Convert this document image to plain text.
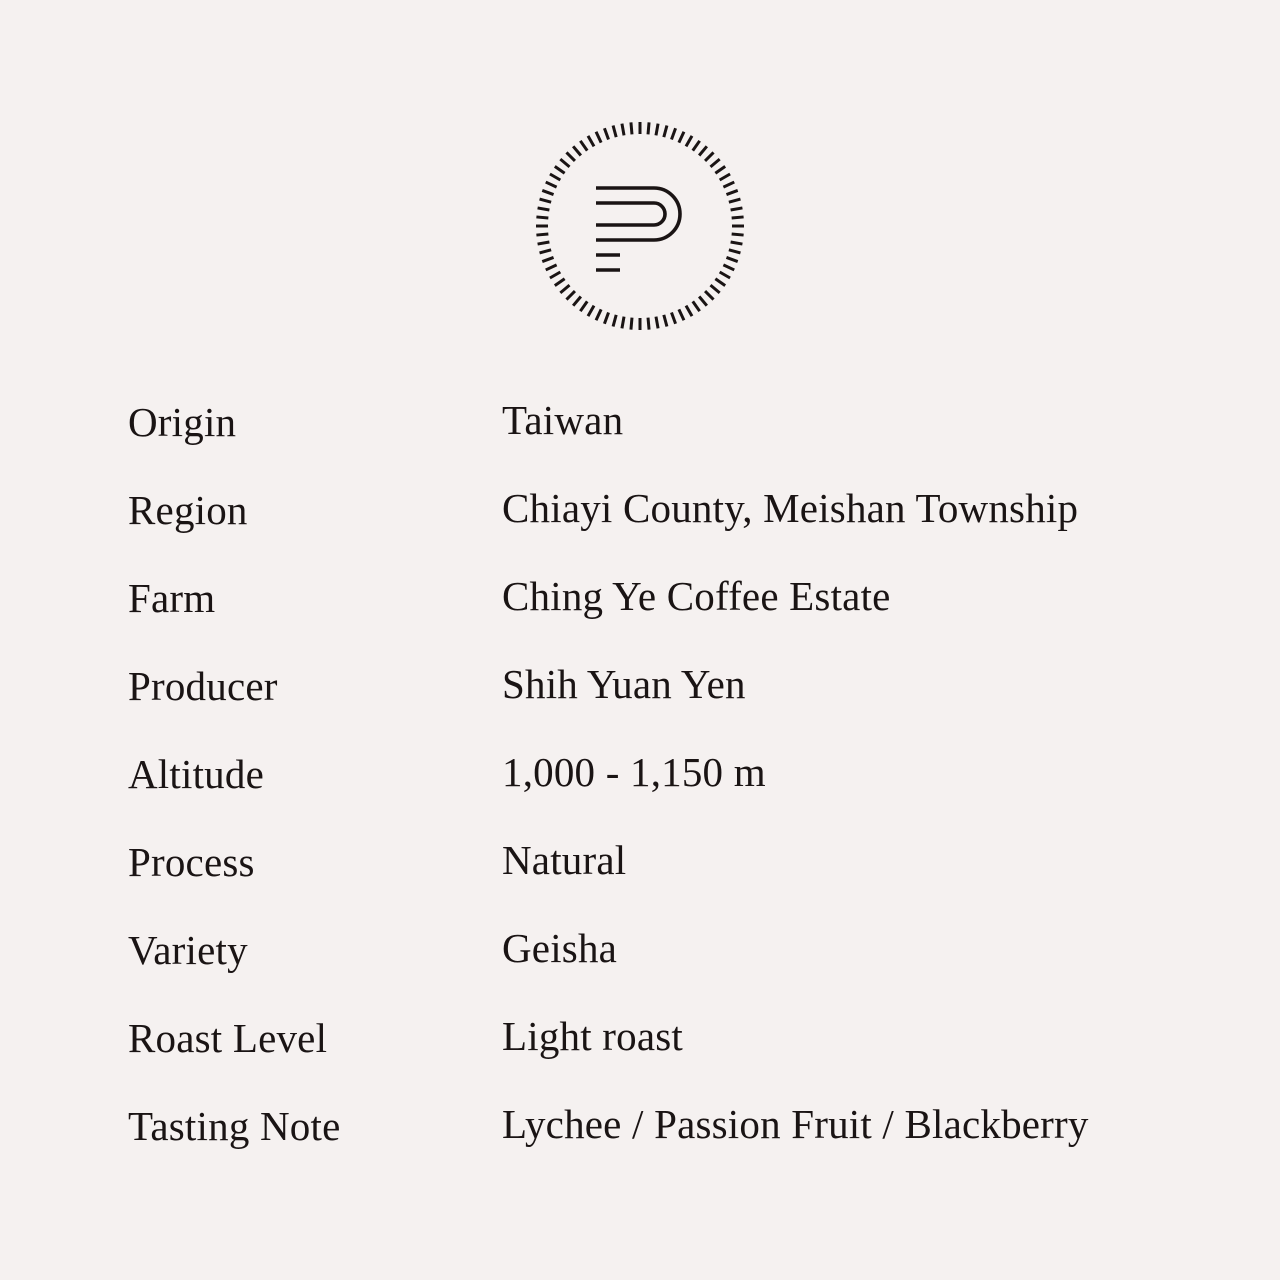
Origin	Taiwan
Region	Chiayi County, Meishan Township
Farm	Ching Ye Coffee Estate
Producer	Shih Yuan Yen
Altitude	1,000 - 1,150 m
Process	Natural
Variety	Geisha
Roast Level	Light roast
Tasting Note	Lychee / Passion Fruit / Blackberry
